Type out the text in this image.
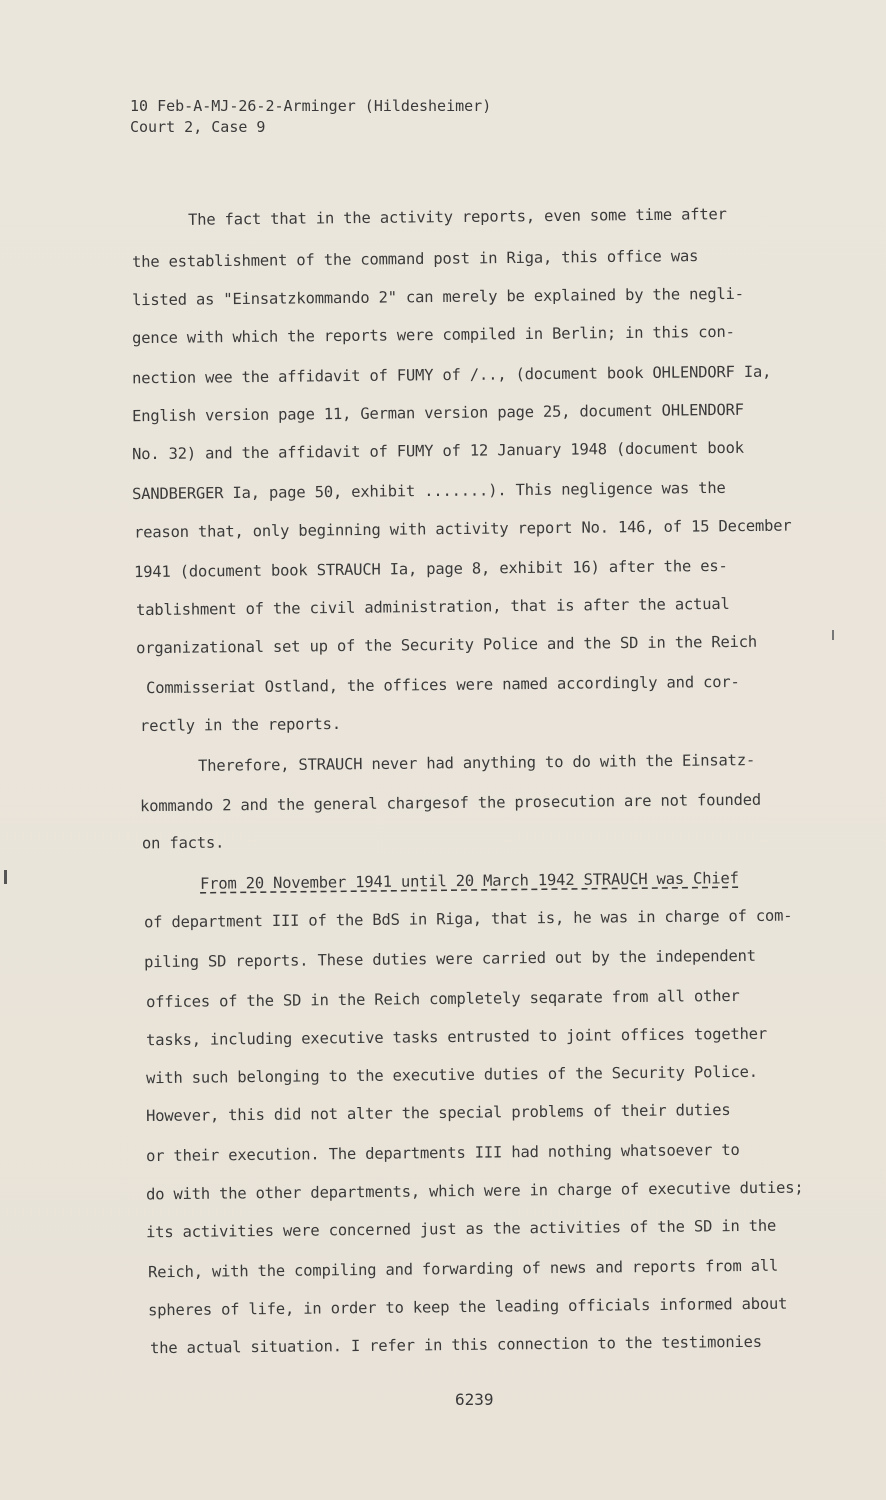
10 Feb-A-MJ-26-2-Arminger (Hildesheimer)
Court 2, Case 9
The fact that in the activity reports, even some time after
the establishment of the command post in Riga, this office was
listed as "Einsatzkommando 2" can merely be explained by the negli-
gence with which the reports were compiled in Berlin; in this con-
nection wee the affidavit of FUMY of /.., (document book OHLENDORF Ia,
English version page 11, German version page 25, document OHLENDORF
No. 32) and the affidavit of FUMY of 12 January 1948 (document book
SANDBERGER Ia, page 50, exhibit .......). This negligence was the
reason that, only beginning with activity report No. 146, of 15 December
1941 (document book STRAUCH Ia, page 8, exhibit 16) after the es-
tablishment of the civil administration, that is after the actual
organizational set up of the Security Police and the SD in the Reich
Commisseriat Ostland, the offices were named accordingly and cor-
rectly in the reports.
Therefore, STRAUCH never had anything to do with the Einsatz-
kommando 2 and the general chargesof the prosecution are not founded
on facts.
From 20 November 1941 until 20 March 1942 STRAUCH was Chief
of department III of the BdS in Riga, that is, he was in charge of com-
piling SD reports. These duties were carried out by the independent
offices of the SD in the Reich completely seqarate from all other
tasks, including executive tasks entrusted to joint offices together
with such belonging to the executive duties of the Security Police.
However, this did not alter the special problems of their duties
or their execution. The departments III had nothing whatsoever to
do with the other departments, which were in charge of executive duties;
its activities were concerned just as the activities of the SD in the
Reich, with the compiling and forwarding of news and reports from all
spheres of life, in order to keep the leading officials informed about
the actual situation. I refer in this connection to the testimonies
6239
